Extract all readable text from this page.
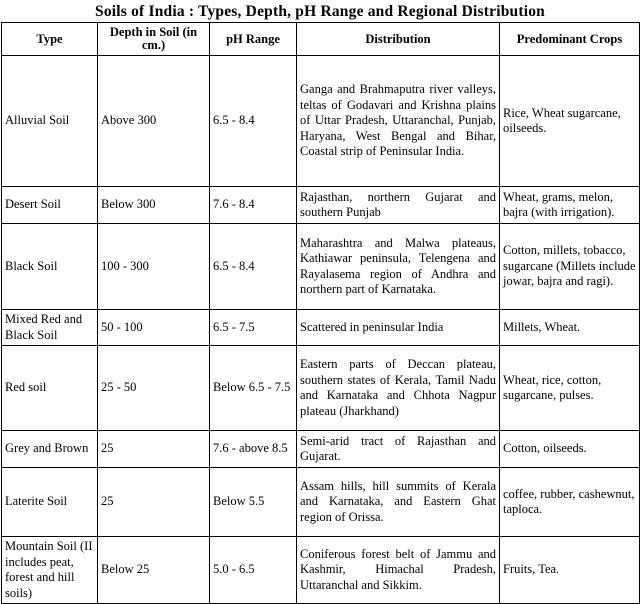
Soils of India : Types, Depth, pH Range and Regional Distribution
Type	Depth in Soil (in cm.)	pH Range	Distribution	Predominant Crops
Alluvial Soil	Above 300	6.5 - 8.4	Ganga and Brahmaputra river valleys, teltas of Godavari and Krishna plains of Uttar Pradesh, Uttaranchal, Punjab, Haryana, West Bengal and Bihar, Coastal strip of Peninsular India.	Rice, Wheat sugarcane, oilseeds.
Desert Soil	Below 300	7.6 - 8.4	Rajasthan, northern Gujarat and southern Punjab	Wheat, grams, melon, bajra (with irrigation).
Black Soil	100 - 300	6.5 - 8.4	Maharashtra and Malwa plateaus, Kathiawar peninsula, Telengena and Rayalasema region of Andhra and northern part of Karnataka.	Cotton, millets, tobacco, sugarcane (Millets include jowar, bajra and ragi).
Mixed Red and Black Soil	50 - 100	6.5 - 7.5	Scattered in peninsular India	Millets, Wheat.
Red soil	25 - 50	Below 6.5 - 7.5	Eastern parts of Deccan plateau, southern states of Kerala, Tamil Nadu and Karnataka and Chhota Nagpur plateau (Jharkhand)	Wheat, rice, cotton, sugarcane, pulses.
Grey and Brown	25	7.6 - above 8.5	Semi-arid tract of Rajasthan and Gujarat.	Cotton, oilseeds.
Laterite Soil	25	Below 5.5	Assam hills, hill summits of Kerala and Karnataka, and Eastern Ghat region of Orissa.	coffee, rubber, cashewnut, taploca.
Mountain Soil (II includes peat, forest and hill soils)	Below 25	5.0 - 6.5	Coniferous forest belt of Jammu and Kashmir, Himachal Pradesh, Uttaranchal and Sikkim.	Fruits, Tea.
